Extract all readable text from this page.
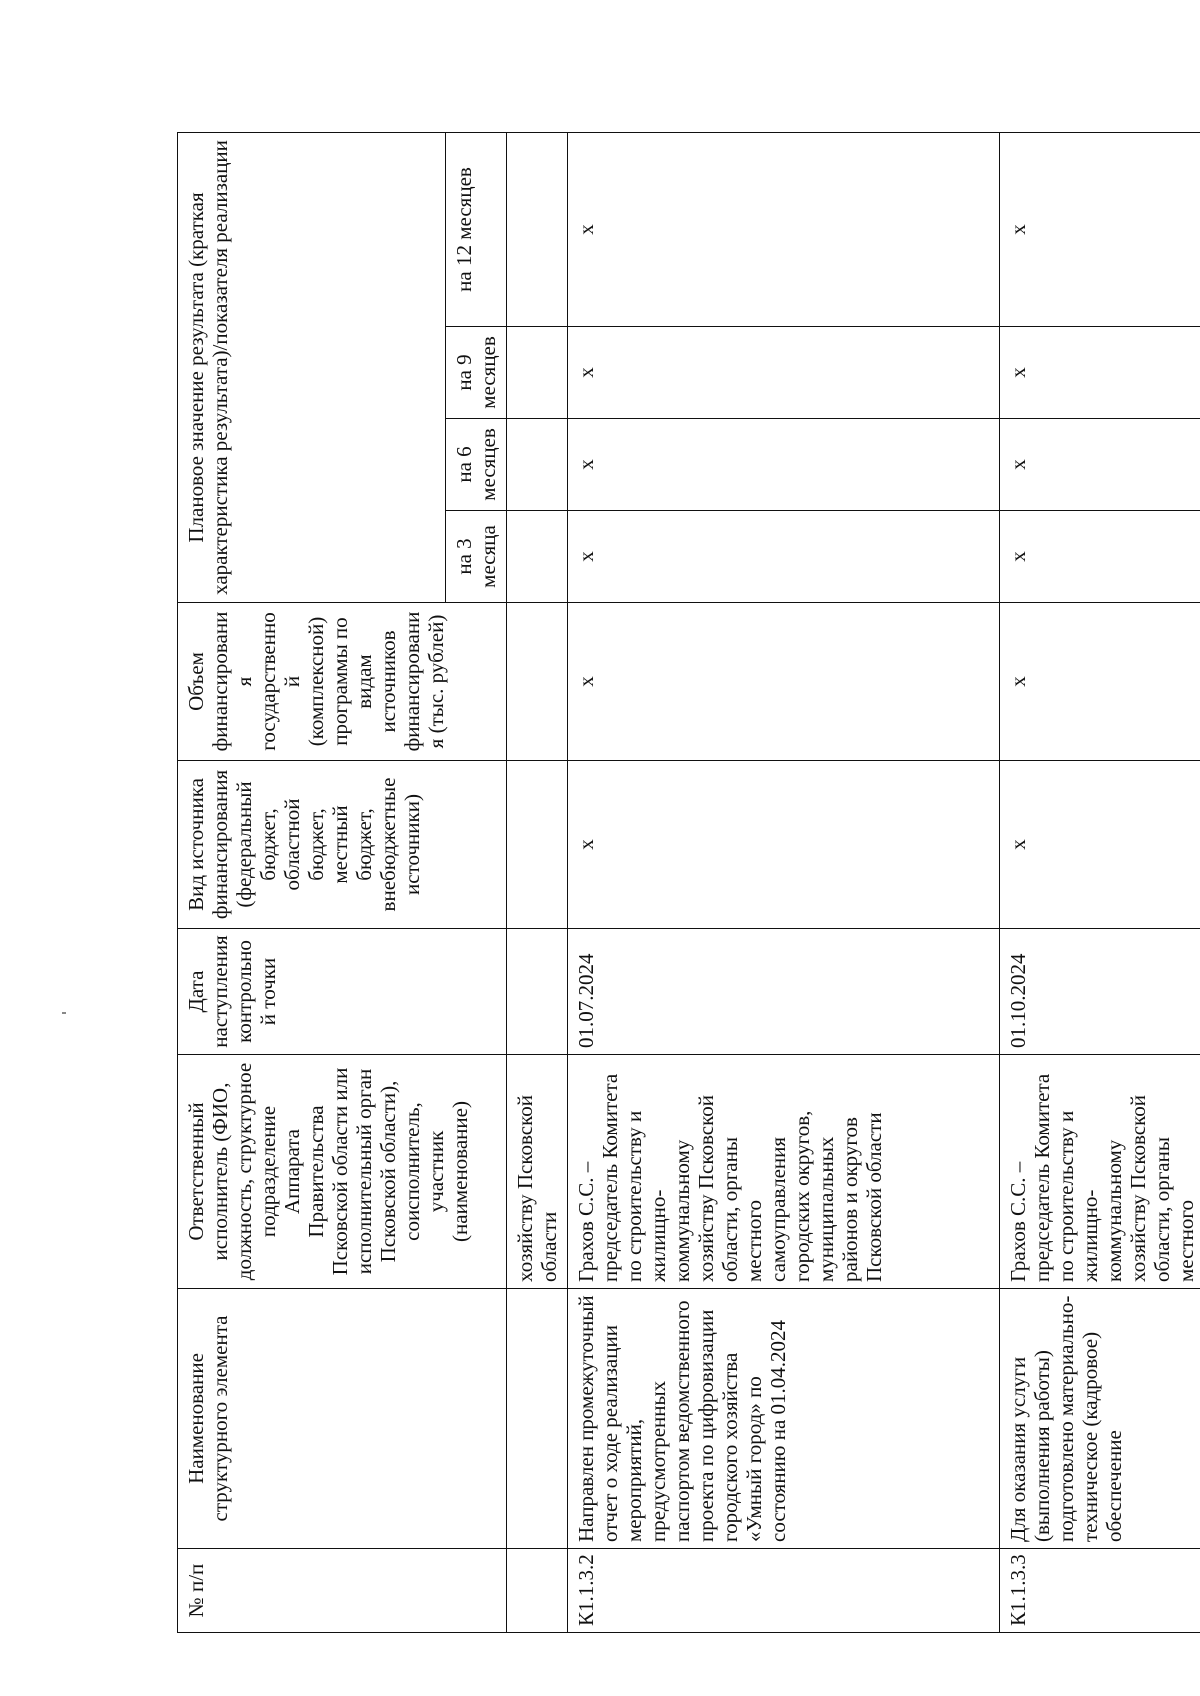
№ п/п	Наименование структурного элемента	Ответственный исполнитель (ФИО, должность, структурное подразделение Аппарата Правительства Псковской области или исполнительный орган Псковской области), соисполнитель, участник (наименование)	Дата наступления контрольной точки	Вид источника финансирования (федеральный бюджет, областной бюджет, местный бюджет, внебюджетные источники)	Объем финансирования государственной (комплексной) программы по видам источников финансирования (тыс. рублей)	Плановое значение результата (краткая характеристика результата)/показателя реализации			
						на 3 месяца	на 6 месяцев	на 9 месяцев	на 12 месяцев
		хозяйству Псковской области							
К1.1.3.2	Направлен промежуточный отчет о ходе реализации мероприятий, предусмотренных паспортом ведомственного проекта по цифровизации городского хозяйства «Умный город» по состоянию на 01.04.2024	Грахов С.С. – председатель Комитета по строительству и жилищно-коммунальному хозяйству Псковской области, органы местного самоуправления городских округов, муниципальных районов и округов Псковской области	01.07.2024	х	х	х	х	х	х
К1.1.3.3	Для оказания услуги (выполнения работы) подготовлено материально-техническое (кадровое) обеспечение	Грахов С.С. – председатель Комитета по строительству и жилищно-коммунальному хозяйству Псковской области, органы местного	01.10.2024	х	х	х	х	х	х
